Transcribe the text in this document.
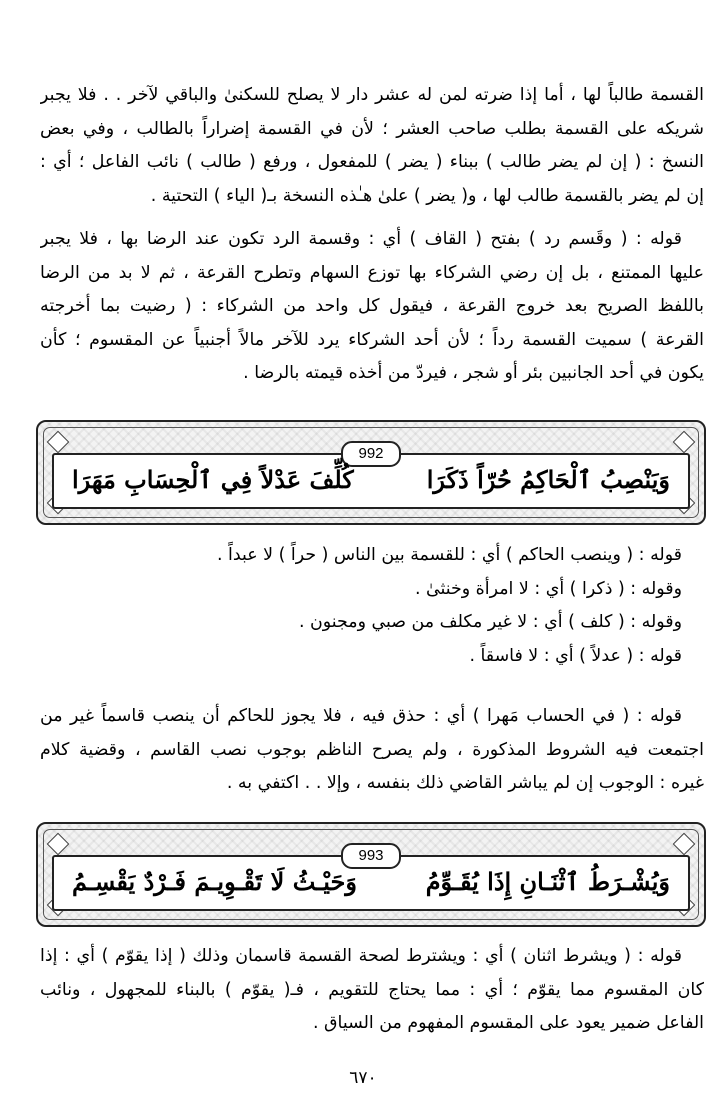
القسمة طالباً لها ، أما إذا ضرته لمن له عشر دار لا يصلح للسكنىٰ والباقي لآخر . . فلا يجبر
شريكه على القسمة بطلب صاحب العشر ؛ لأن في القسمة إضراراً بالطالب ، وفي بعض
النسخ : ( إن لم يضر طالب ) ببناء ( يضر ) للمفعول ، ورفع ( طالب ) نائب الفاعل ؛ أي :
إن لم يضر بالقسمة طالب لها ، و( يضر ) علىٰ هـٰذه النسخة بـ( الياء ) التحتية .
قوله : ( وقَسم رد ) بفتح ( القاف ) أي : وقسمة الرد تكون عند الرضا بها ، فلا يجبر
عليها الممتنع ، بل إن رضي الشركاء بها توزع السهام وتطرح القرعة ، ثم لا بد من الرضا
باللفظ الصريح بعد خروج القرعة ، فيقول كل واحد من الشركاء : ( رضيت بما أخرجته
القرعة ) سميت القسمة رداً ؛ لأن أحد الشركاء يرد للآخر مالاً أجنبياً عن المقسوم ؛ كأن
يكون في أحد الجانبين بئر أو شجر ، فيردّ من أخذه قيمته بالرضا .
992
وَيَنْصِبُ ٱلْحَاكِمُ حُرّاً ذَكَرَا
كُلِّفَ عَدْلاً فِي ٱلْحِسَابِ مَهَرَا
قوله : ( وينصب الحاكم ) أي : للقسمة بين الناس ( حراً ) لا عبداً .
وقوله : ( ذكرا ) أي : لا امرأة وخنثىٰ .
وقوله : ( كلف ) أي : لا غير مكلف من صبي ومجنون .
قوله : ( عدلاً ) أي : لا فاسقاً .
قوله : ( في الحساب مَهرا ) أي : حذق فيه ، فلا يجوز للحاكم أن ينصب قاسماً غير من
اجتمعت فيه الشروط المذكورة ، ولم يصرح الناظم بوجوب نصب القاسم ، وقضية كلام
غيره : الوجوب إن لم يباشر القاضي ذلك بنفسه ، وإلا . . اكتفي به .
993
وَيُشْـرَطُ ٱثْنَـانِ إِذَا يُقَـوِّمُ
وَحَيْـثُ لَا تَقْـوِيـمَ فَـرْدٌ يَقْسِـمُ
قوله : ( ويشرط اثنان ) أي : ويشترط لصحة القسمة قاسمان وذلك ( إذا يقوّم ) أي : إذا
كان المقسوم مما يقوّم ؛ أي : مما يحتاج للتقويم ، فـ( يقوّم ) بالبناء للمجهول ، ونائب
الفاعل ضمير يعود على المقسوم المفهوم من السياق .
٦٧٠
